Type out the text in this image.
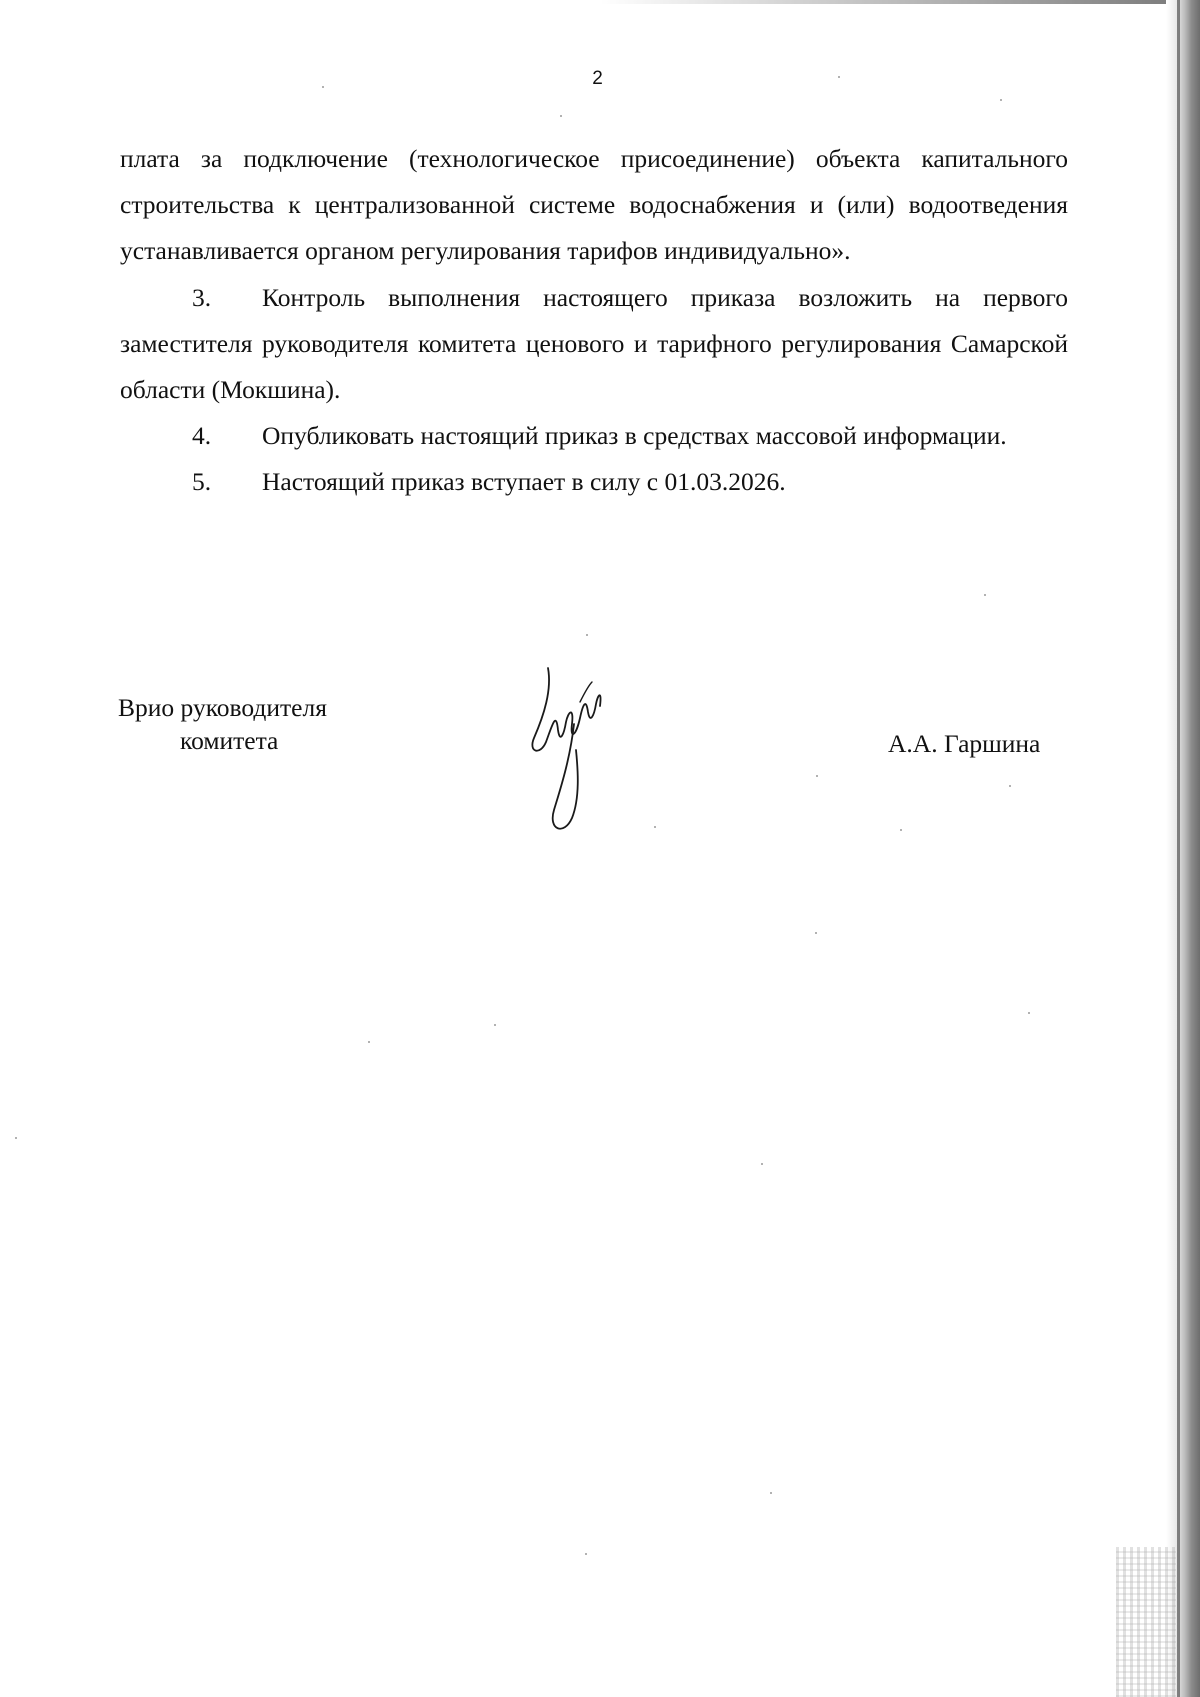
2

плата за подключение (технологическое присоединение) объекта капитального строительства к централизованной системе водоснабжения и (или) водоотведения устанавливается органом регулирования тарифов индивидуально».

3. Контроль выполнения настоящего приказа возложить на первого заместителя руководителя комитета ценового и тарифного регулирования Самарской области (Мокшина).

4. Опубликовать настоящий приказ в средствах массовой информации.

5. Настоящий приказ вступает в силу с 01.03.2026.

Врио руководителя
комитета	А.А. Гаршина
